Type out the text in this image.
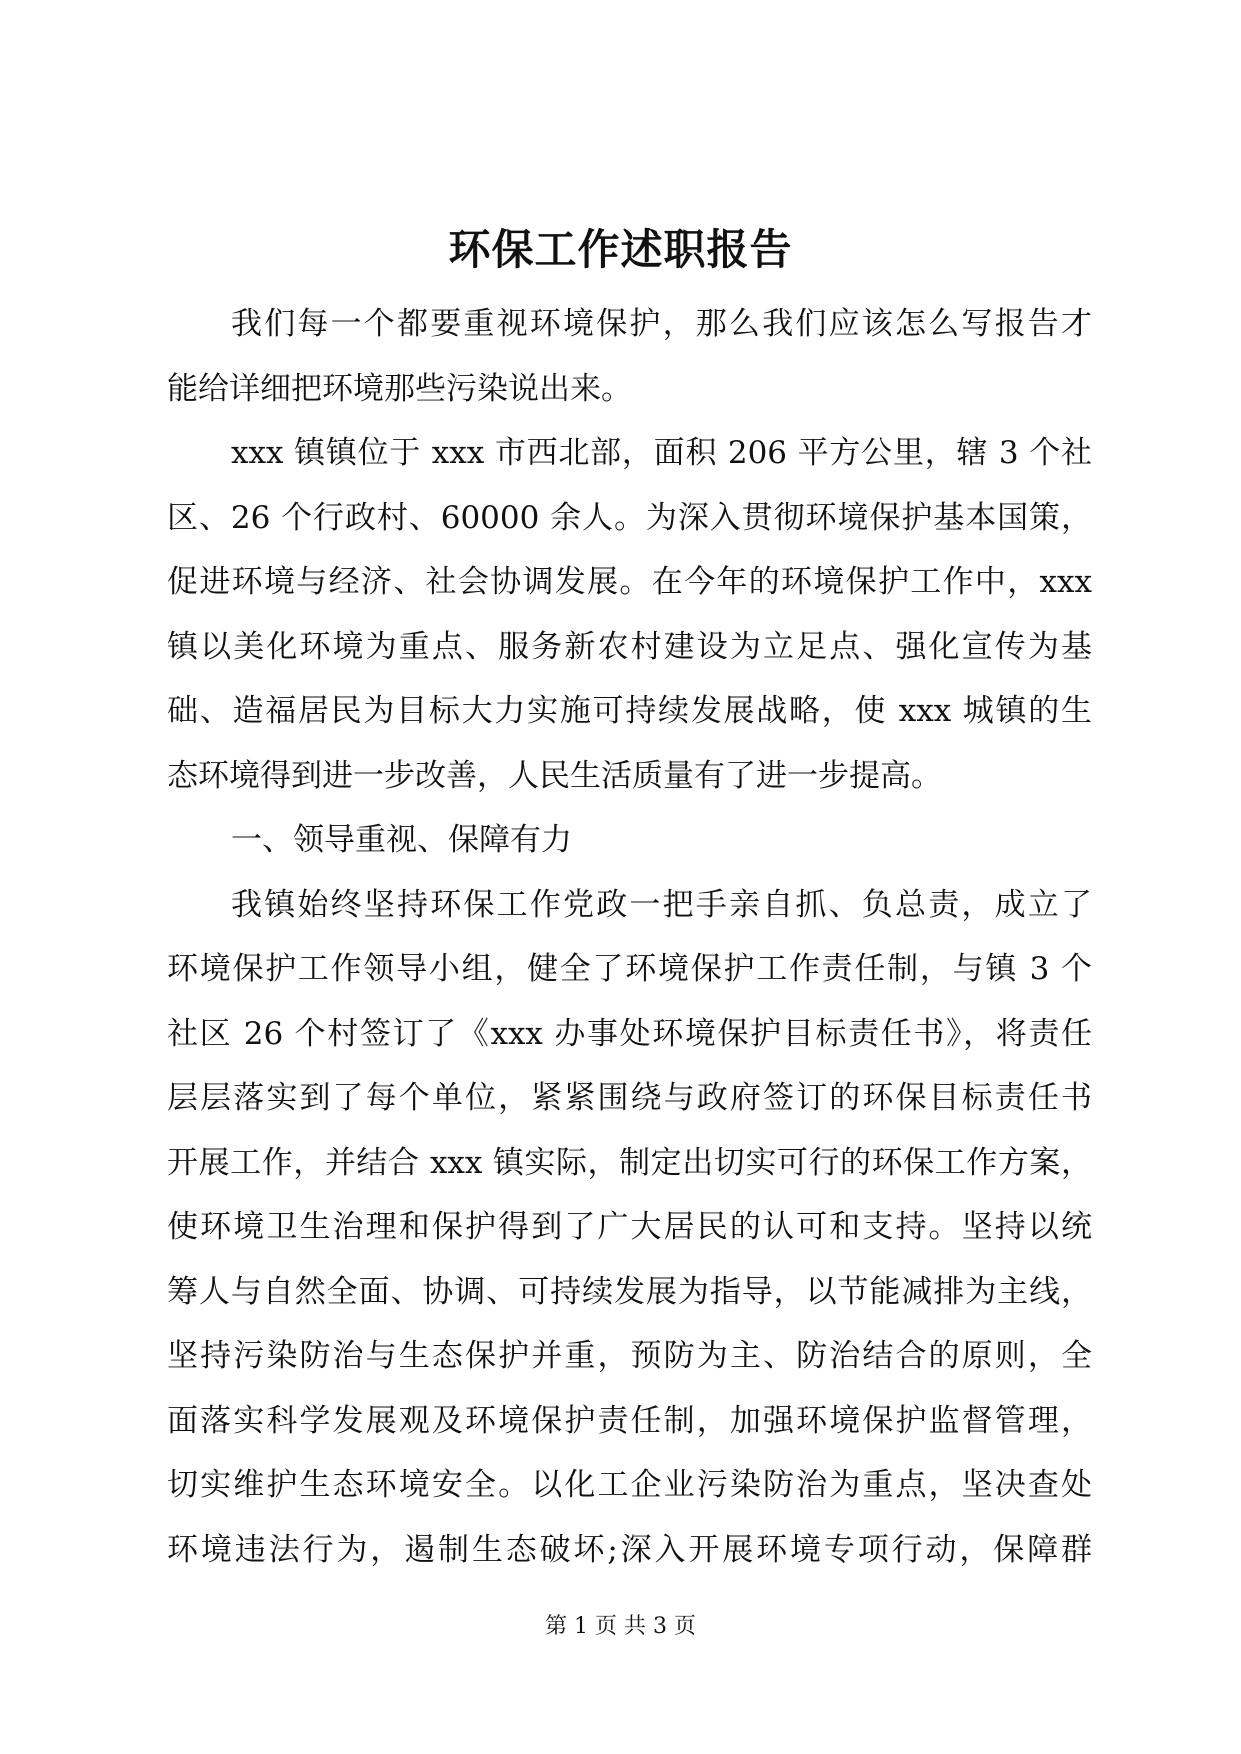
环保工作述职报告
我们每一个都要重视环境保护，那么我们应该怎么写报告才
能给详细把环境那些污染说出来。
xxx 镇镇位于 xxx 市西北部，面积 206 平方公里，辖 3 个社
区、26 个行政村、60000 余人。为深入贯彻环境保护基本国策，
促进环境与经济、社会协调发展。在今年的环境保护工作中，xxx
镇以美化环境为重点、服务新农村建设为立足点、强化宣传为基
础、造福居民为目标大力实施可持续发展战略，使 xxx 城镇的生
态环境得到进一步改善，人民生活质量有了进一步提高。
一、领导重视、保障有力
我镇始终坚持环保工作党政一把手亲自抓、负总责，成立了
环境保护工作领导小组，健全了环境保护工作责任制，与镇 3 个
社区 26 个村签订了《xxx 办事处环境保护目标责任书》，将责任
层层落实到了每个单位，紧紧围绕与政府签订的环保目标责任书
开展工作，并结合 xxx 镇实际，制定出切实可行的环保工作方案，
使环境卫生治理和保护得到了广大居民的认可和支持。坚持以统
筹人与自然全面、协调、可持续发展为指导，以节能减排为主线，
坚持污染防治与生态保护并重，预防为主、防治结合的原则，全
面落实科学发展观及环境保护责任制，加强环境保护监督管理，
切实维护生态环境安全。以化工企业污染防治为重点，坚决查处
环境违法行为，遏制生态破坏;深入开展环境专项行动，保障群
第 1 页 共 3 页
